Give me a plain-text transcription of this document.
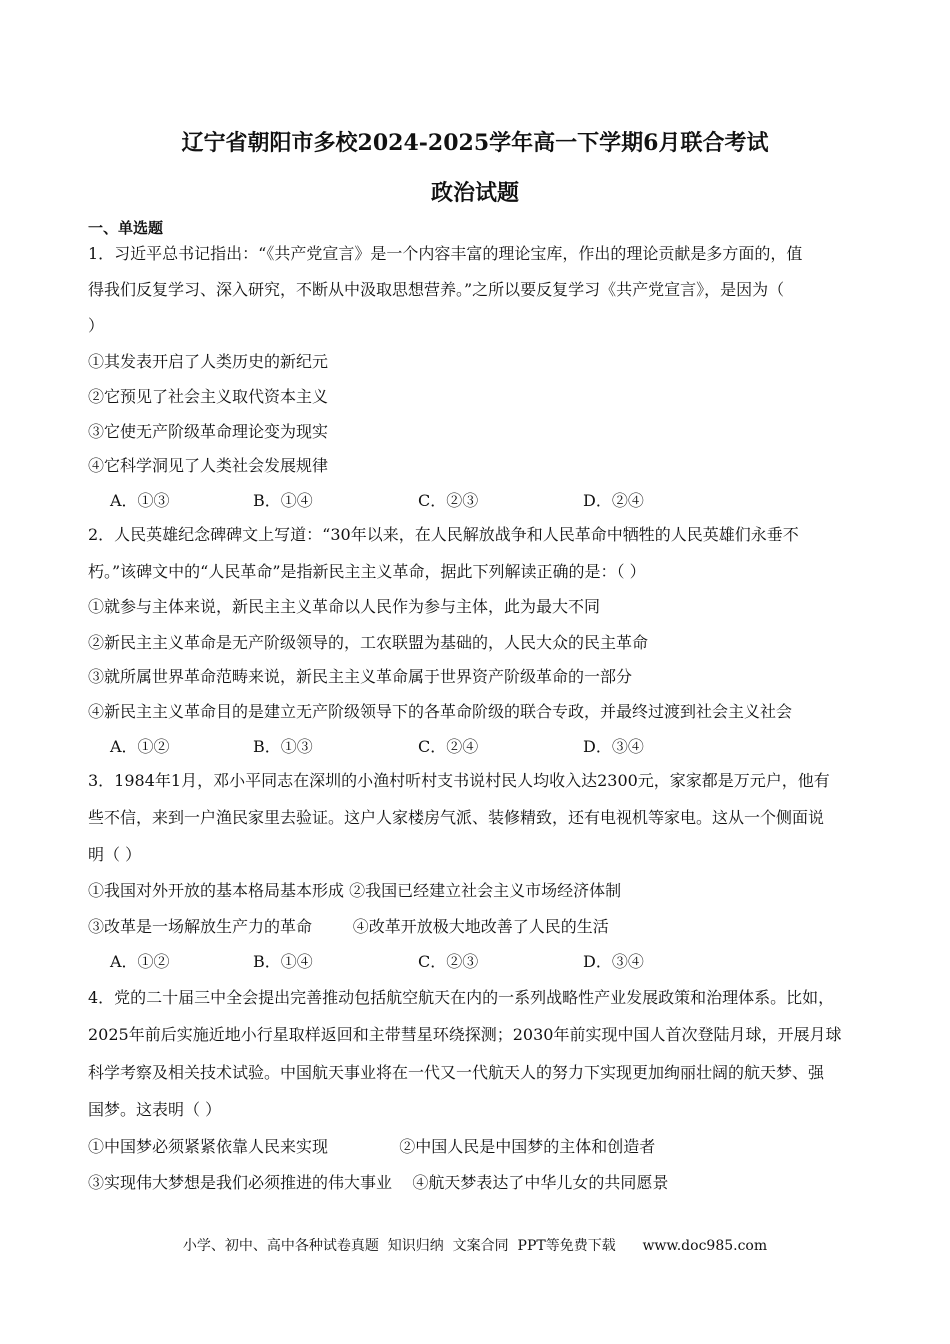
辽宁省朝阳市多校2024-2025学年高一下学期6月联合考试
政治试题
一、单选题
1．习近平总书记指出：“《共产党宣言》是一个内容丰富的理论宝库，作出的理论贡献是多方面的，值
得我们反复学习、深入研究，不断从中汲取思想营养。”之所以要反复学习《共产党宣言》，是因为（
）
①其发表开启了人类历史的新纪元
②它预见了社会主义取代资本主义
③它使无产阶级革命理论变为现实
④它科学洞见了人类社会发展规律
A．①③	B．①④	C．②③	D．②④
2．人民英雄纪念碑碑文上写道：“30年以来，在人民解放战争和人民革命中牺牲的人民英雄们永垂不
朽。”该碑文中的“人民革命”是指新民主主义革命，据此下列解读正确的是：（ ）
①就参与主体来说，新民主主义革命以人民作为参与主体，此为最大不同
②新民主主义革命是无产阶级领导的，工农联盟为基础的，人民大众的民主革命
③就所属世界革命范畴来说，新民主主义革命属于世界资产阶级革命的一部分
④新民主主义革命目的是建立无产阶级领导下的各革命阶级的联合专政，并最终过渡到社会主义社会
A．①②	B．①③	C．②④	D．③④
3．1984年1月，邓小平同志在深圳的小渔村听村支书说村民人均收入达2300元，家家都是万元户，他有
些不信，来到一户渔民家里去验证。这户人家楼房气派、装修精致，还有电视机等家电。这从一个侧面说
明（ ）
①我国对外开放的基本格局基本形成 ②我国已经建立社会主义市场经济体制
③改革是一场解放生产力的革命        ④改革开放极大地改善了人民的生活
A．①②	B．①④	C．②③	D．③④
4．党的二十届三中全会提出完善推动包括航空航天在内的一系列战略性产业发展政策和治理体系。比如，
2025年前后实施近地小行星取样返回和主带彗星环绕探测；2030年前实现中国人首次登陆月球，开展月球
科学考察及相关技术试验。中国航天事业将在一代又一代航天人的努力下实现更加绚丽壮阔的航天梦、强
国梦。这表明（ ）
①中国梦必须紧紧依靠人民来实现              ②中国人民是中国梦的主体和创造者
③实现伟大梦想是我们必须推进的伟大事业    ④航天梦表达了中华儿女的共同愿景
小学、初中、高中各种试卷真题  知识归纳  文案合同  PPT等免费下载      www.doc985.com
